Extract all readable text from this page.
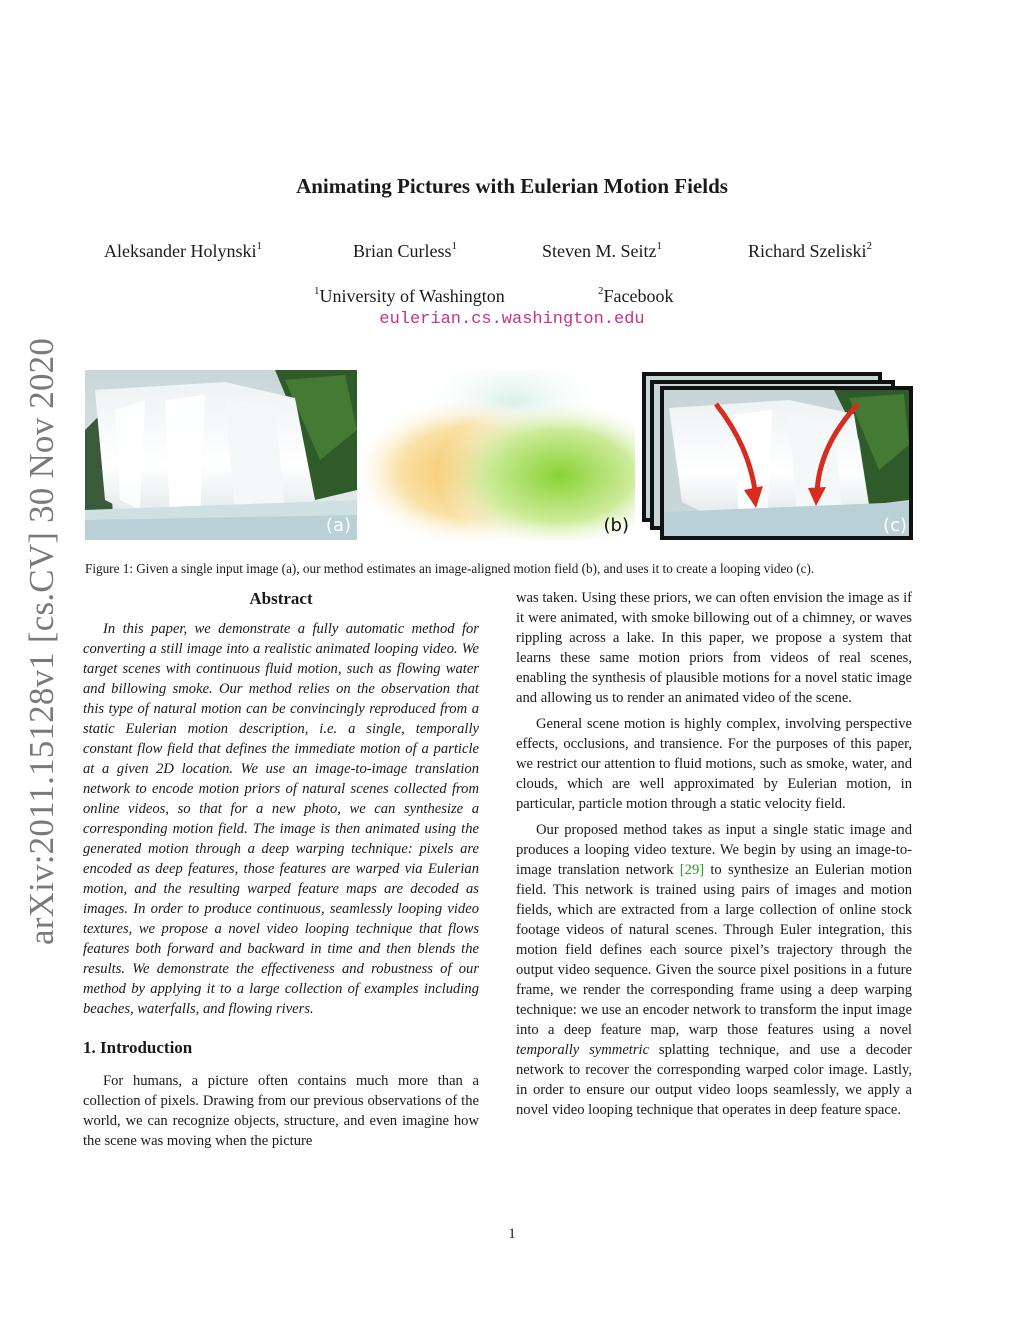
arXiv:2011.15128v1 [cs.CV] 30 Nov 2020
Animating Pictures with Eulerian Motion Fields
Aleksander Holynski$^1$	Brian Curless$^1$	Steven M. Seitz$^1$	Richard Szeliski$^2$
$^1$University of Washington	$^2$Facebook
eulerian.cs.washington.edu
(a)	(b)	(c)
Figure 1: Given a single input image (a), our method estimates an image-aligned motion field (b), and uses it to create a looping video (c).
Abstract

In this paper, we demonstrate a fully automatic method for converting a still image into a realistic animated looping video. We target scenes with continuous fluid motion, such as flowing water and billowing smoke. Our method relies on the observation that this type of natural motion can be convincingly reproduced from a static Eulerian motion description, i.e. a single, temporally constant flow field that defines the immediate motion of a particle at a given 2D location. We use an image-to-image translation network to encode motion priors of natural scenes collected from online videos, so that for a new photo, we can synthesize a corresponding motion field. The image is then animated using the generated motion through a deep warping technique: pixels are encoded as deep features, those features are warped via Eulerian motion, and the resulting warped feature maps are decoded as images. In order to produce continuous, seamlessly looping video textures, we propose a novel video looping technique that flows features both forward and backward in time and then blends the results. We demonstrate the effectiveness and robustness of our method by applying it to a large collection of examples including beaches, waterfalls, and flowing rivers.

1. Introduction

For humans, a picture often contains much more than a collection of pixels. Drawing from our previous observations of the world, we can recognize objects, structure, and even imagine how the scene was moving when the picture

was taken. Using these priors, we can often envision the image as if it were animated, with smoke billowing out of a chimney, or waves rippling across a lake. In this paper, we propose a system that learns these same motion priors from videos of real scenes, enabling the synthesis of plausible motions for a novel static image and allowing us to render an animated video of the scene.

General scene motion is highly complex, involving perspective effects, occlusions, and transience. For the purposes of this paper, we restrict our attention to fluid motions, such as smoke, water, and clouds, which are well approximated by Eulerian motion, in particular, particle motion through a static velocity field.

Our proposed method takes as input a single static image and produces a looping video texture. We begin by using an image-to-image translation network [29] to synthesize an Eulerian motion field. This network is trained using pairs of images and motion fields, which are extracted from a large collection of online stock footage videos of natural scenes. Through Euler integration, this motion field defines each source pixel’s trajectory through the output video sequence. Given the source pixel positions in a future frame, we render the corresponding frame using a deep warping technique: we use an encoder network to transform the input image into a deep feature map, warp those features using a novel temporally symmetric splatting technique, and use a decoder network to recover the corresponding warped color image. Lastly, in order to ensure our output video loops seamlessly, we apply a novel video looping technique that operates in deep feature space.

1
